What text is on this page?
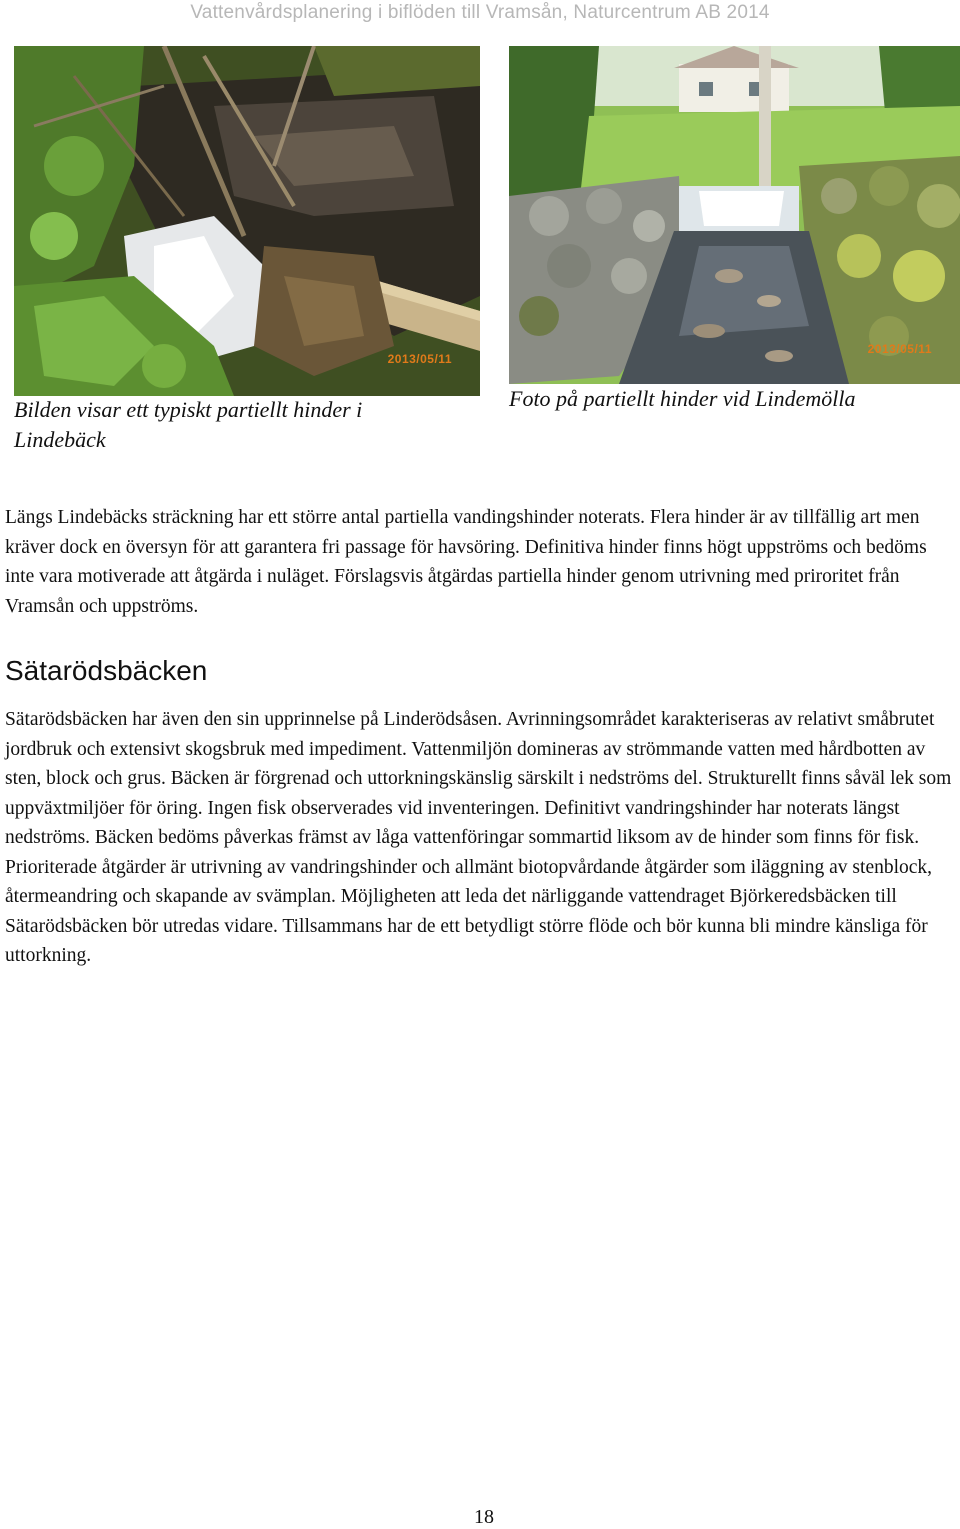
Vattenvårdsplanering i biflöden till Vramsån, Naturcentrum AB 2014
2013/05/11
2013/05/11
Bilden visar ett typiskt partiellt hinder i Lindebäck
Foto på partiellt hinder vid Lindemölla

Längs Lindebäcks sträckning har ett större antal partiella vandingshinder noterats. Flera hinder är av tillfällig art men kräver dock en översyn för att garantera fri passage för havsöring. Definitiva hinder finns högt uppströms och bedöms inte vara motiverade att åtgärda i nuläget. Förslagsvis åtgärdas partiella hinder genom utrivning med priroritet från Vramsån och uppströms.

Sätarödsbäcken

Sätarödsbäcken har även den sin upprinnelse på Linderödsåsen. Avrinningsområdet karakteriseras av relativt småbrutet jordbruk och extensivt skogsbruk med impediment. Vattenmiljön domineras av strömmande vatten med hårdbotten av sten, block och grus. Bäcken är förgrenad och uttorkningskänslig särskilt i nedströms del. Strukturellt finns såväl lek som uppväxtmiljöer för öring. Ingen fisk observerades vid inventeringen. Definitivt vandringshinder har noterats längst nedströms. Bäcken bedöms påverkas främst av låga vattenföringar sommartid liksom av de hinder som finns för fisk. Prioriterade åtgärder är utrivning av vandringshinder och allmänt biotopvårdande åtgärder som iläggning av stenblock, återmeandring och skapande av svämplan. Möjligheten att leda det närliggande vattendraget Björkeredsbäcken till Sätarödsbäcken bör utredas vidare. Tillsammans har de ett betydligt större flöde och bör kunna bli mindre känsliga för uttorkning.

18
